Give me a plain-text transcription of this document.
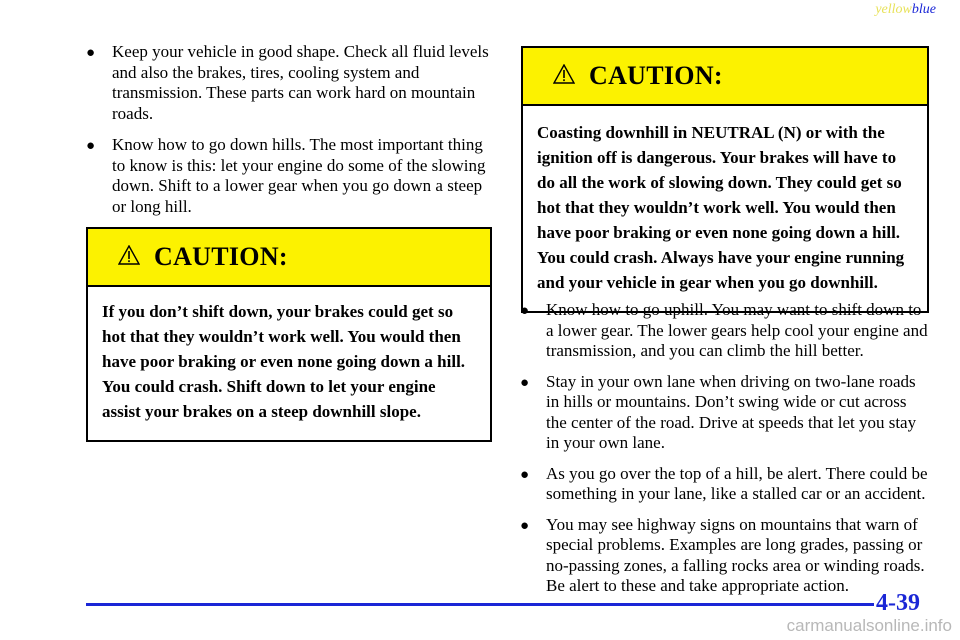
yellowblue
● Keep your vehicle in good shape. Check all fluid levels and also the brakes, tires, cooling system and transmission. These parts can work hard on mountain roads.
● Know how to go down hills. The most important thing to know is this: let your engine do some of the slowing down. Shift to a lower gear when you go down a steep or long hill.
CAUTION:
If you don’t shift down, your brakes could get so hot that they wouldn’t work well. You would then have poor braking or even none going down a hill. You could crash. Shift down to let your engine assist your brakes on a steep downhill slope.
CAUTION:
Coasting downhill in NEUTRAL (N) or with the ignition off is dangerous. Your brakes will have to do all the work of slowing down. They could get so hot that they wouldn’t work well. You would then have poor braking or even none going down a hill. You could crash. Always have your engine running and your vehicle in gear when you go downhill.
● Know how to go uphill. You may want to shift down to a lower gear. The lower gears help cool your engine and transmission, and you can climb the hill better.
● Stay in your own lane when driving on two-lane roads in hills or mountains. Don’t swing wide or cut across the center of the road. Drive at speeds that let you stay in your own lane.
● As you go over the top of a hill, be alert. There could be something in your lane, like a stalled car or an accident.
● You may see highway signs on mountains that warn of special problems. Examples are long grades, passing or no-passing zones, a falling rocks area or winding roads. Be alert to these and take appropriate action.
4-39
carmanualsonline.info
